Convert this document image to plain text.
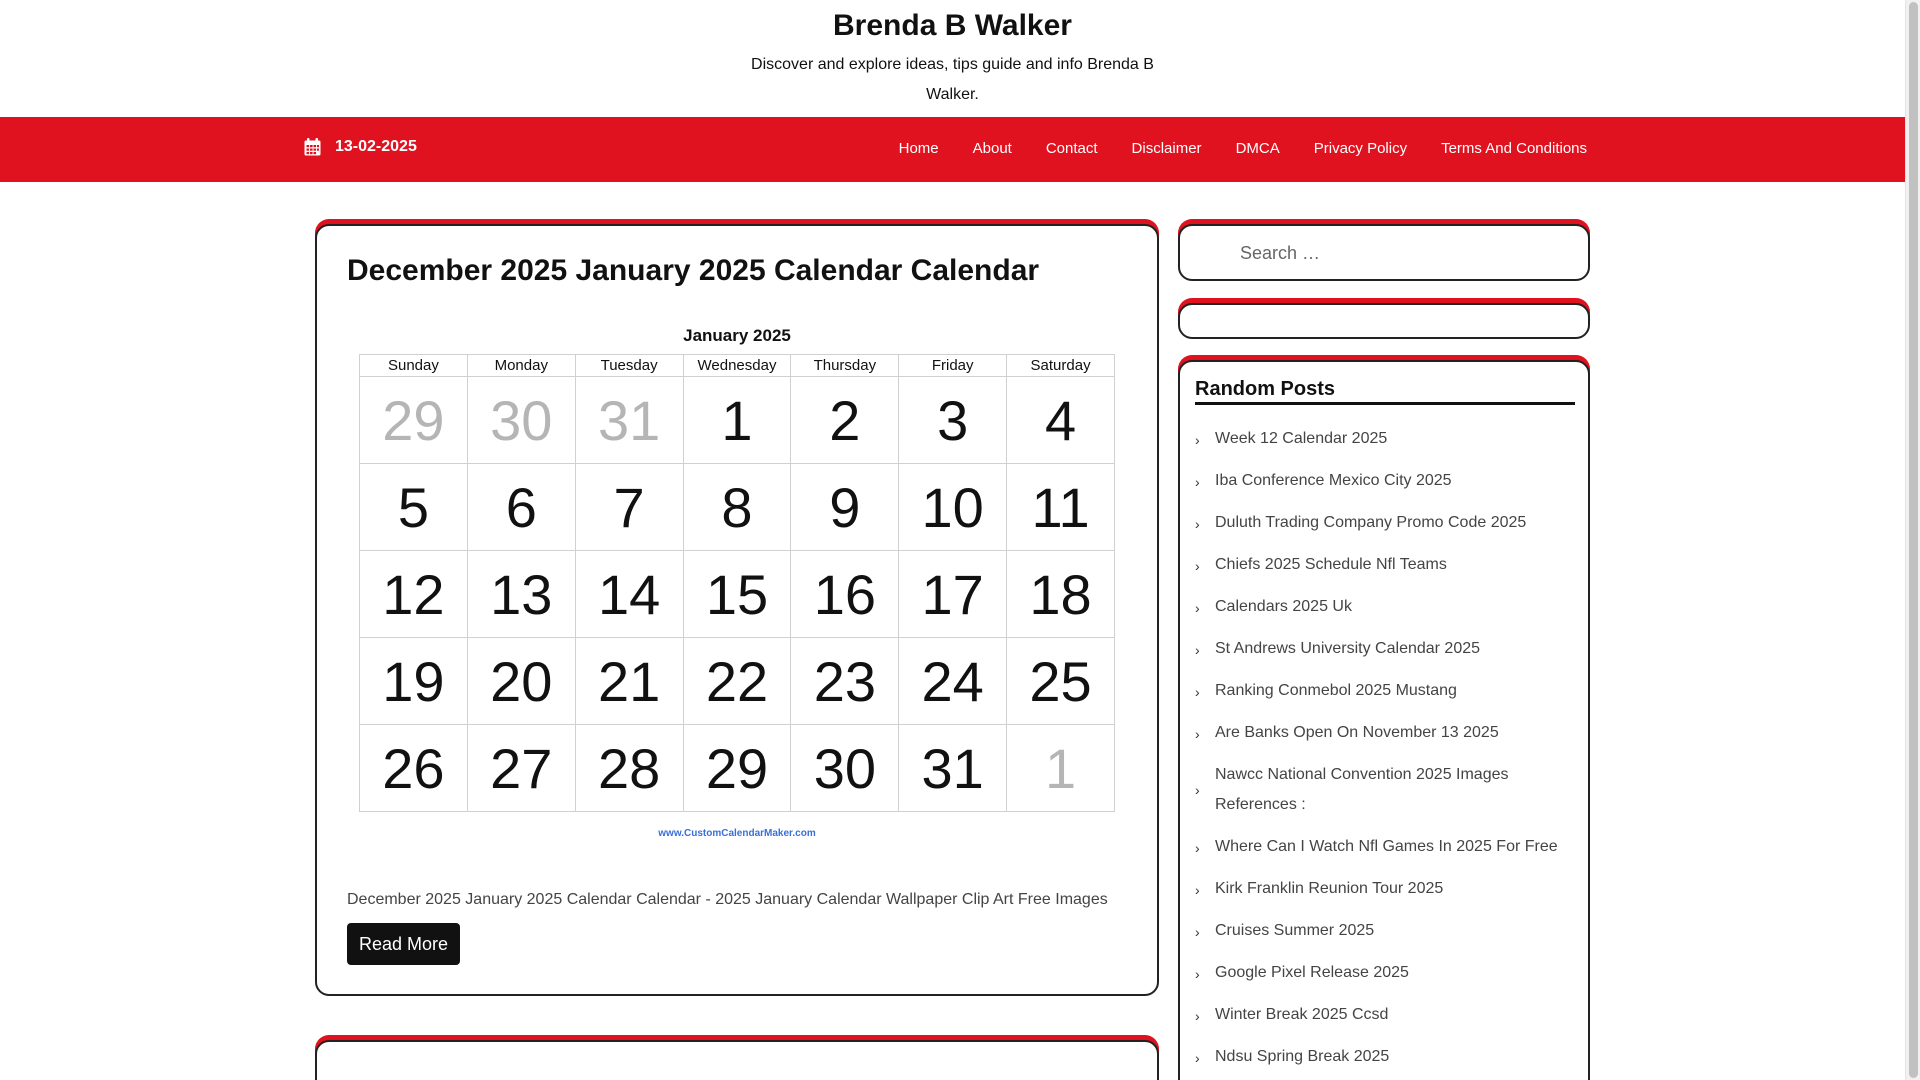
Brenda B Walker
Discover and explore ideas, tips guide and info Brenda B Walker.
13-02-2025	Home About Contact Disclaimer DMCA Privacy Policy Terms And Conditions
December 2025 January 2025 Calendar Calendar
January 2025
Sunday	Monday	Tuesday	Wednesday	Thursday	Friday	Saturday
29	30	31	1	2	3	4
5	6	7	8	9	10	11
12	13	14	15	16	17	18
19	20	21	22	23	24	25
26	27	28	29	30	31	1
www.CustomCalendarMaker.com

December 2025 January 2025 Calendar Calendar - 2025 January Calendar Wallpaper Clip Art Free Images

Read More
Search …
Random Posts
› Week 12 Calendar 2025
› Iba Conference Mexico City 2025
› Duluth Trading Company Promo Code 2025
› Chiefs 2025 Schedule Nfl Teams
› Calendars 2025 Uk
› St Andrews University Calendar 2025
› Ranking Conmebol 2025 Mustang
› Are Banks Open On November 13 2025
›
Nawcc National Convention 2025 Images References :
› Where Can I Watch Nfl Games In 2025 For Free
› Kirk Franklin Reunion Tour 2025
› Cruises Summer 2025
› Google Pixel Release 2025
› Winter Break 2025 Ccsd
› Ndsu Spring Break 2025
